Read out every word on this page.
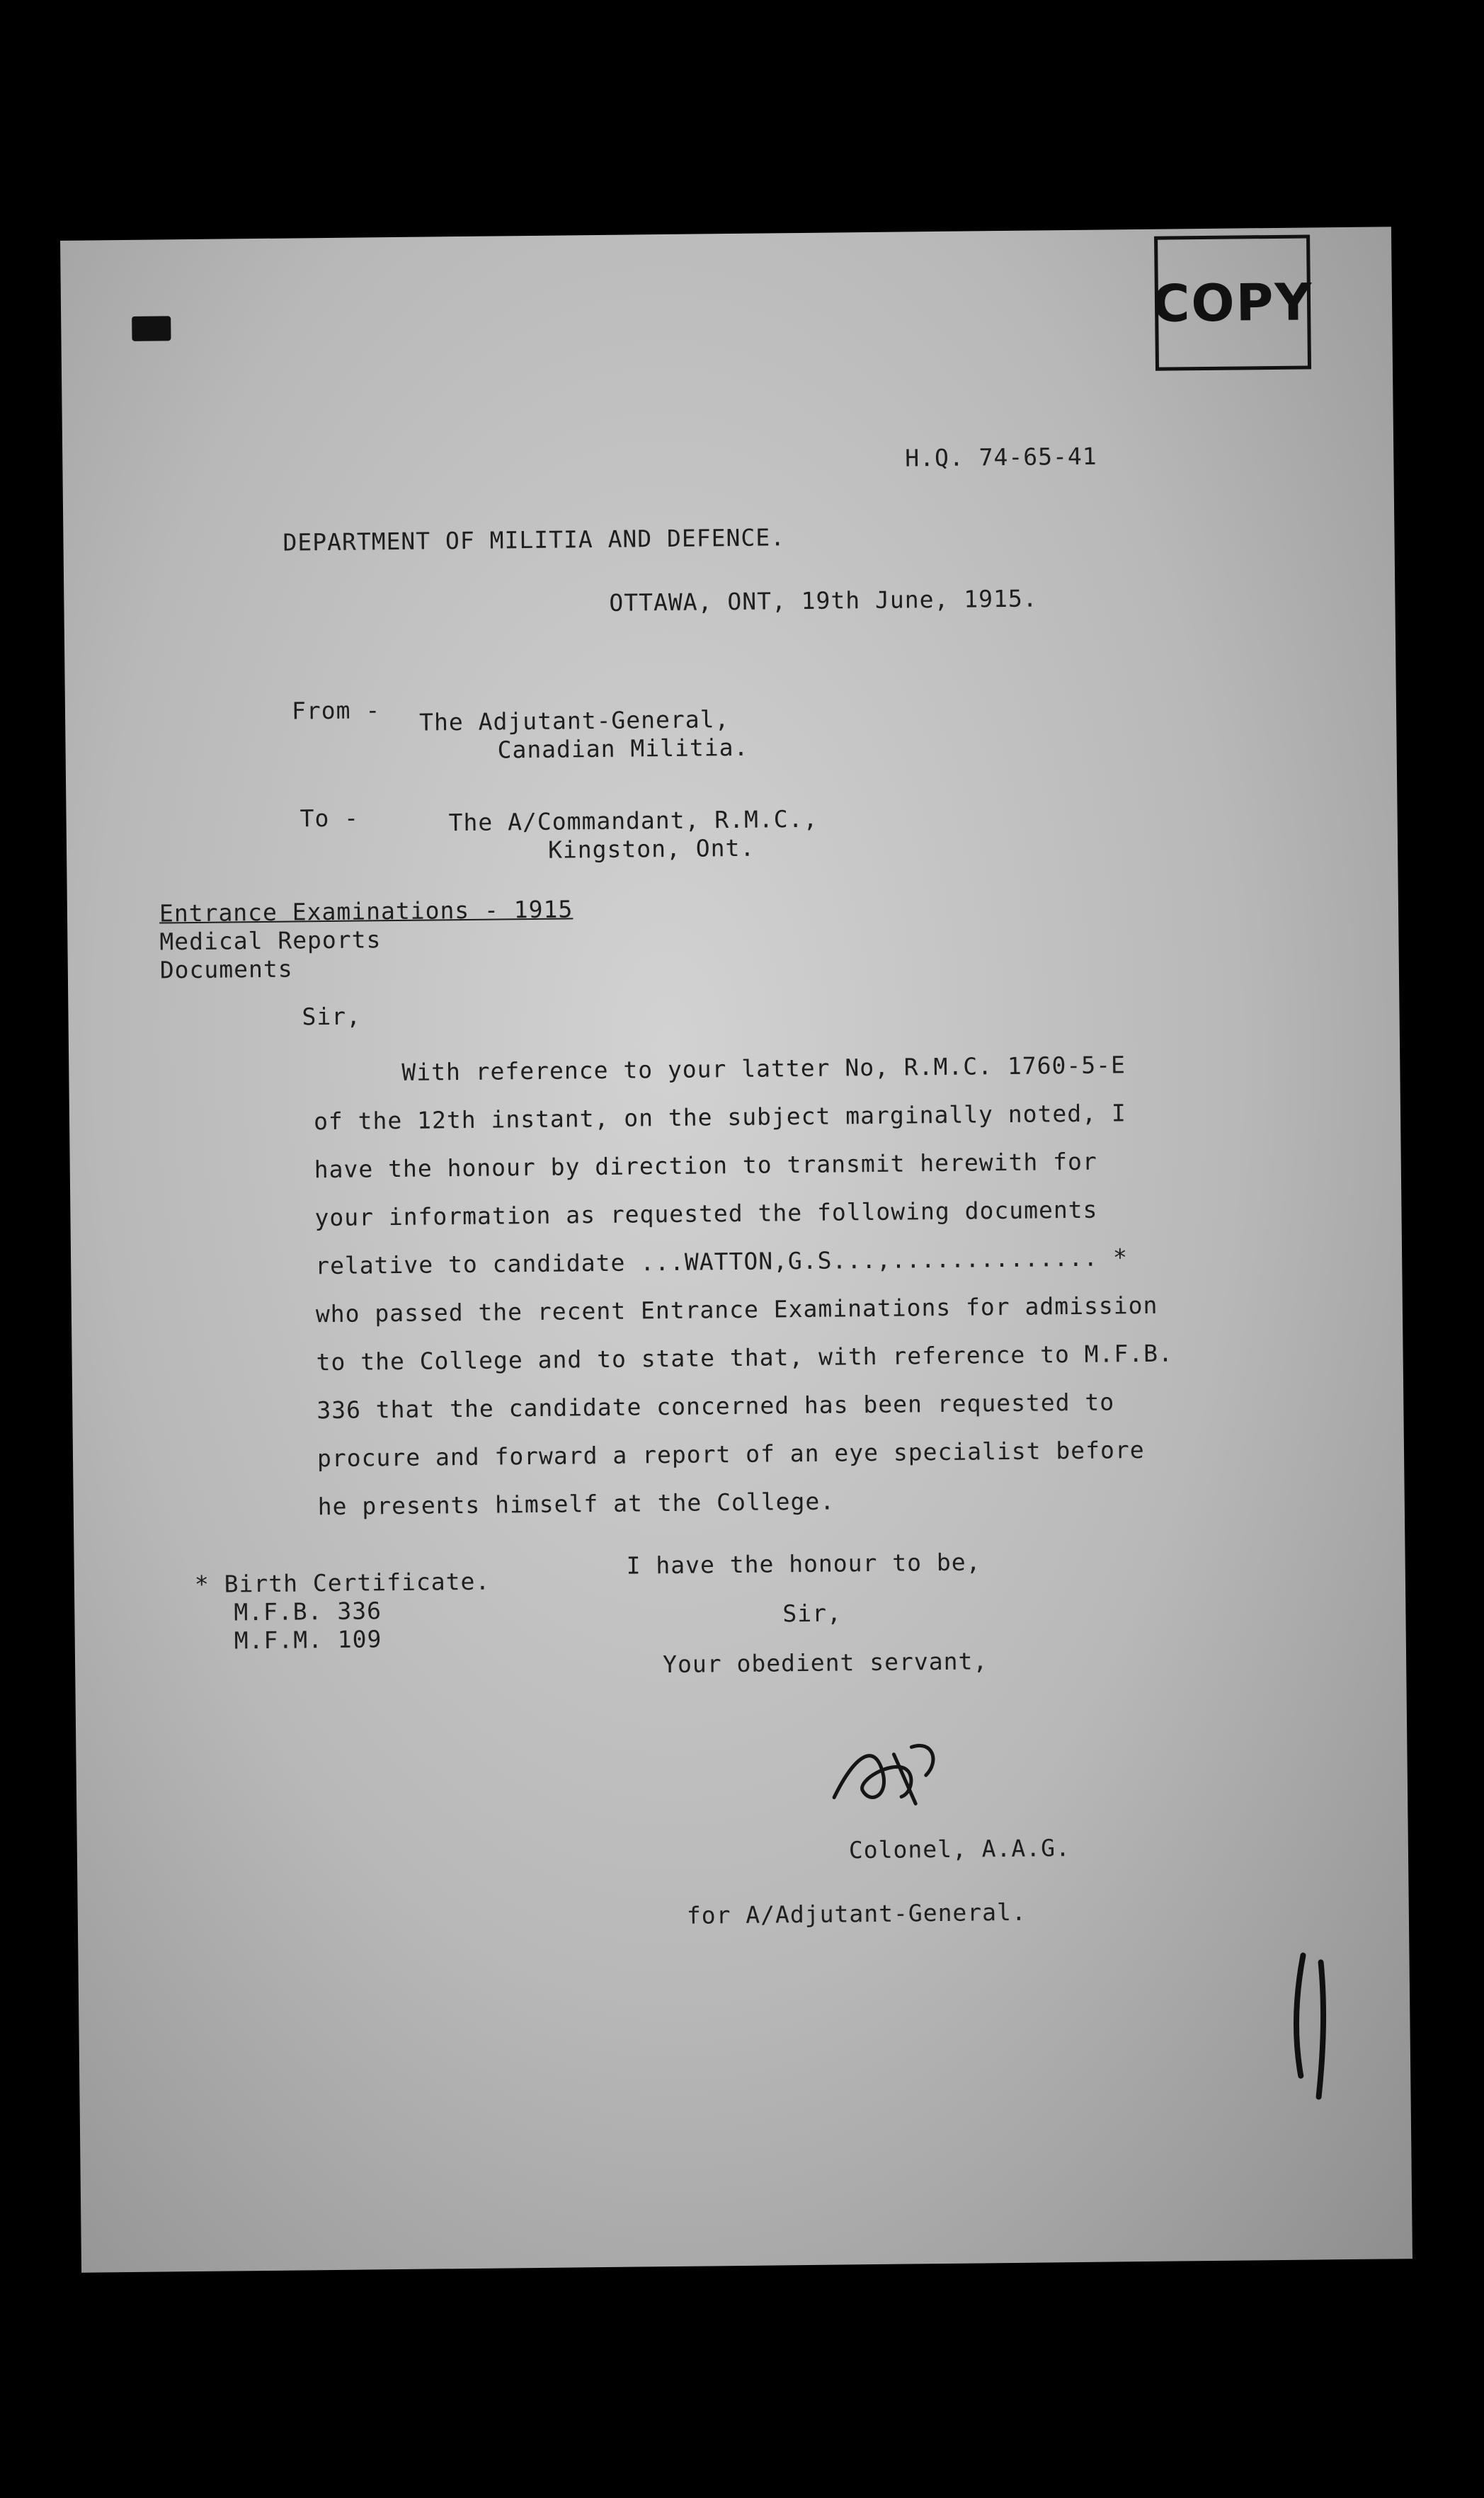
COPY
H.Q. 74-65-41
DEPARTMENT OF MILITIA AND DEFENCE.
OTTAWA, ONT, 19th June, 1915.
From - The Adjutant-General,
Canadian Militia.
To -	The A/Commandant, R.M.C.,
Kingston, Ont.
Entrance Examinations - 1915
Medical Reports
Documents
Sir,
With reference to your latter No, R.M.C. 1760-5-E
of the 12th instant, on the subject marginally noted, I
have the honour by direction to transmit herewith for
your information as requested the following documents
relative to candidate ...WATTON,G.S...,.............. *
who passed the recent Entrance Examinations for admission
to the College and to state that, with reference to M.F.B.
336 that the candidate concerned has been requested to
procure and forward a report of an eye specialist before
he presents himself at the College.
I have the honour to be,
Sir,
Your obedient servant,
* Birth Certificate.
M.F.B. 336
M.F.M. 109
Colonel, A.A.G.
for A/Adjutant-General.
